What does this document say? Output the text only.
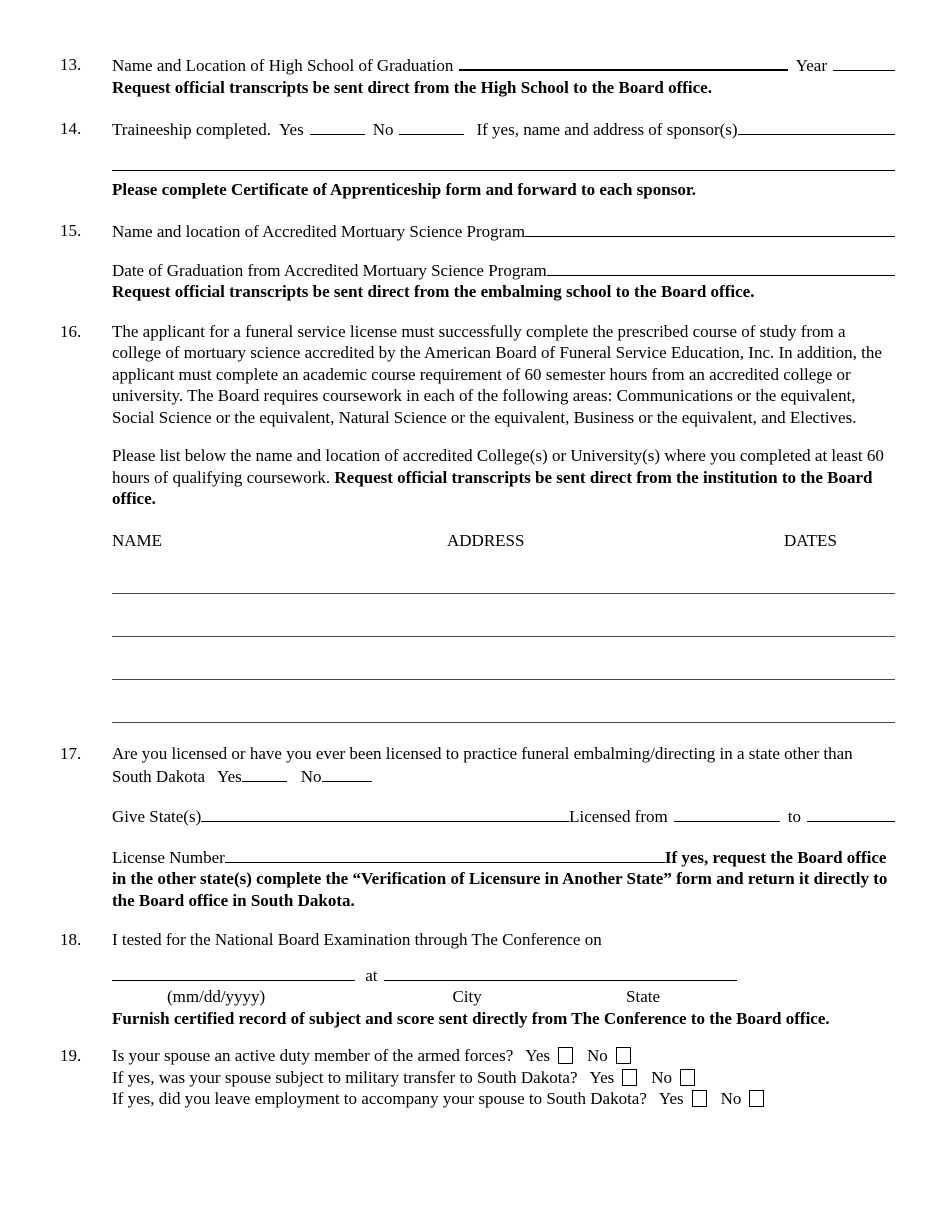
13.	Name and Location of High School of Graduation	Year
Request official transcripts be sent direct from the High School to the Board office.
14.	Traineeship completed. Yes	No	If yes, name and address of sponsor(s)
Please complete Certificate of Apprenticeship form and forward to each sponsor.
15.	Name and location of Accredited Mortuary Science Program
Date of Graduation from Accredited Mortuary Science Program
Request official transcripts be sent direct from the embalming school to the Board office.
16.	The applicant for a funeral service license must successfully complete the prescribed course of study from a college of mortuary science accredited by the American Board of Funeral Service Education, Inc. In addition, the applicant must complete an academic course requirement of 60 semester hours from an accredited college or university. The Board requires coursework in each of the following areas: Communications or the equivalent, Social Science or the equivalent, Natural Science or the equivalent, Business or the equivalent, and Electives.
Please list below the name and location of accredited College(s) or University(s) where you completed at least 60 hours of qualifying coursework. Request official transcripts be sent direct from the institution to the Board office.
NAME	ADDRESS	DATES
17.	Are you licensed or have you ever been licensed to practice funeral embalming/directing in a state other than South Dakota Yes	No
Give State(s)	Licensed from	to
License Number	If yes, request the Board office in the other state(s) complete the “Verification of Licensure in Another State” form and return it directly to the Board office in South Dakota.
18.	I tested for the National Board Examination through The Conference on
at
(mm/dd/yyyy)	City	State
Furnish certified record of subject and score sent directly from The Conference to the Board office.
19.	Is your spouse an active duty member of the armed forces? Yes No
If yes, was your spouse subject to military transfer to South Dakota? Yes No
If yes, did you leave employment to accompany your spouse to South Dakota? Yes No
